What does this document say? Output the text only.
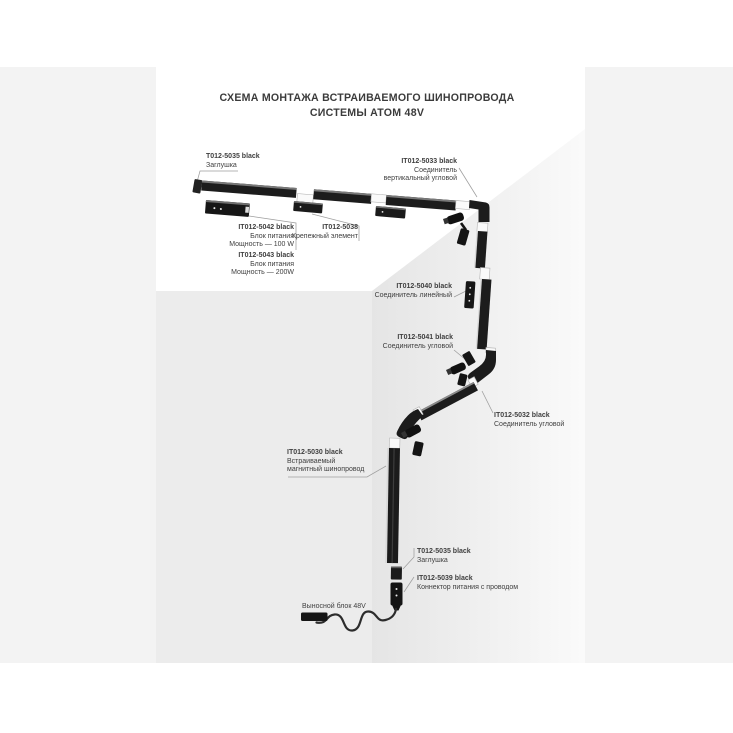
СХЕМА МОНТАЖА ВСТРАИВАЕМОГО ШИНОПРОВОДА
СИСТЕМЫ ATOM 48V
T012-5035 black
Заглушка
IT012-5033 black
Соединитель
вертикальный угловой
IT012-5042 black
Блок питания
Мощность — 100 W
IT012-5043 black
Блок питания
Мощность — 200W
IT012-5038
Крепежный элемент
IT012-5040 black
Соединитель линейный
IT012-5041 black
Соединитель угловой
IT012-5032 black
Соединитель угловой
IT012-5030 black
Встраиваемый
магнитный шинопровод
T012-5035 black
Заглушка
IT012-5039 black
Коннектор питания с проводом
Выносной блок 48V
